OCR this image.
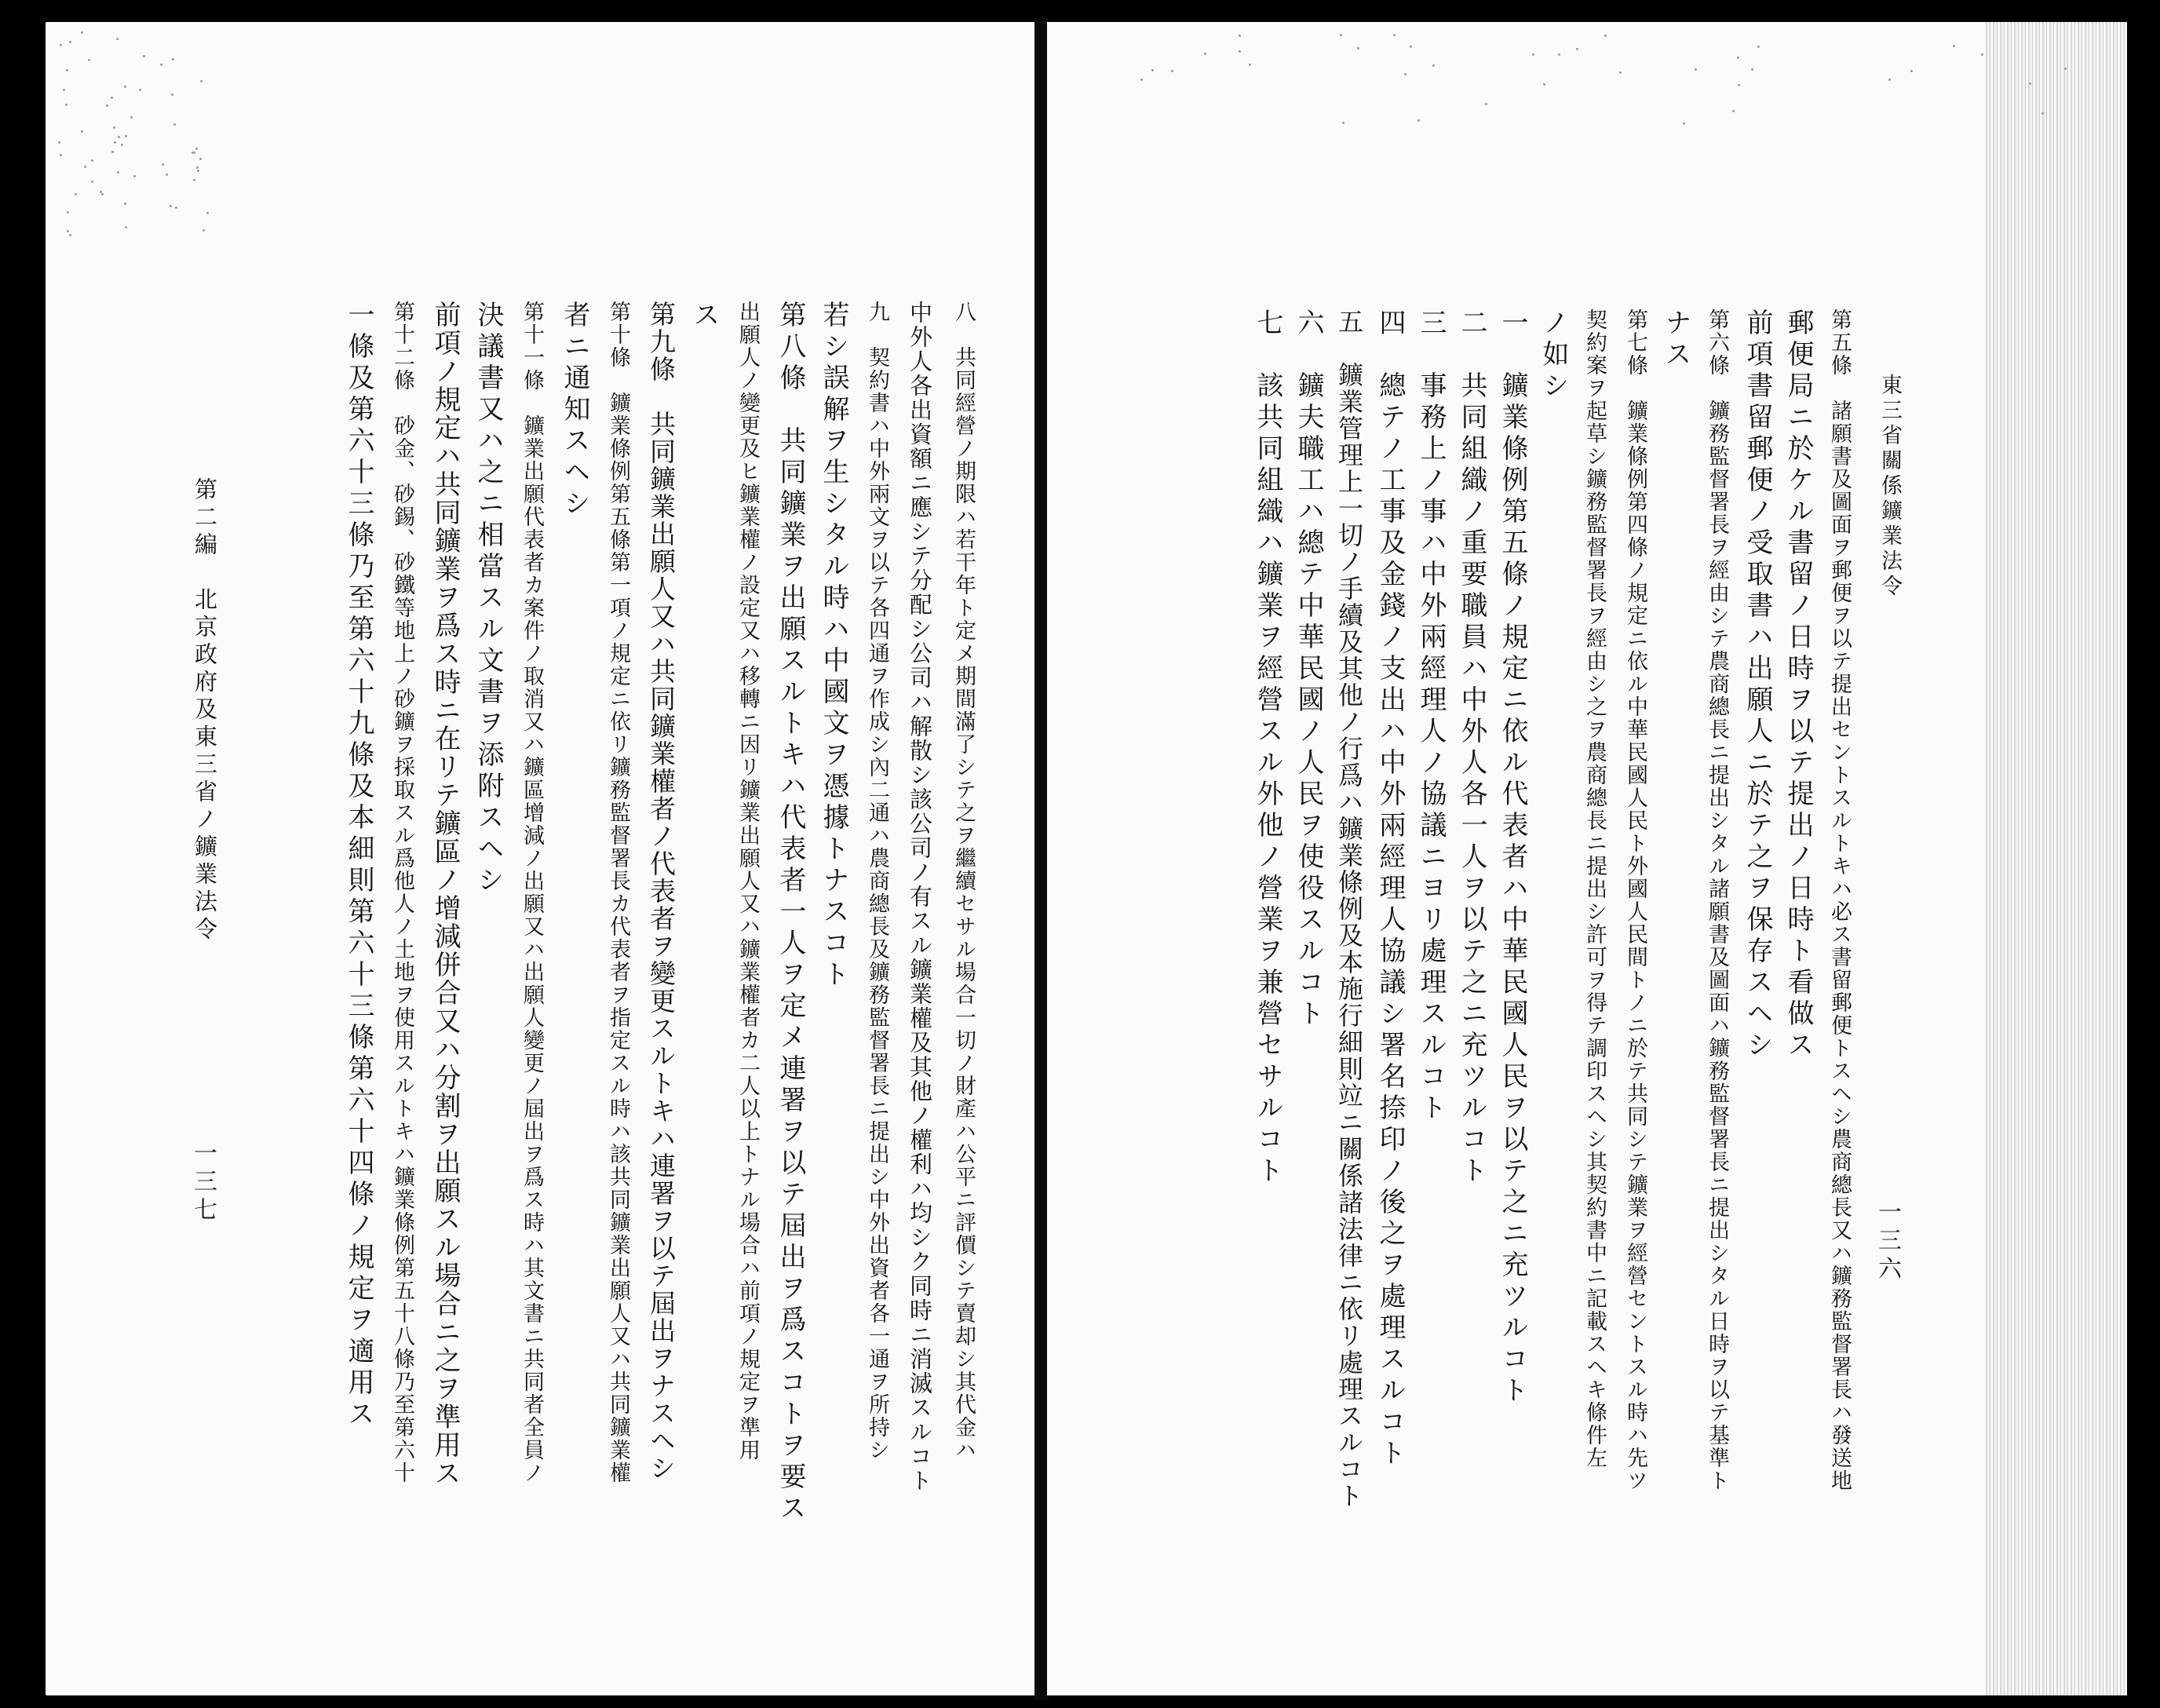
八　共同經營ノ期限ハ若干年ト定メ期間滿了シテ之ヲ繼續セサル場合一切ノ財產ハ公平ニ評價シテ賣却シ其代金ハ

中外人各出資額ニ應シテ分配シ公司ハ解散シ該公司ノ有スル鑛業權及其他ノ權利ハ均シク同時ニ消滅スルコト

九　契約書ハ中外兩文ヲ以テ各四通ヲ作成シ內二通ハ農商總長及鑛務監督署長ニ提出シ中外出資者各一通ヲ所持シ

若シ誤解ヲ生シタル時ハ中國文ヲ憑據トナスコト

第八條　共同鑛業ヲ出願スルトキハ代表者一人ヲ定メ連署ヲ以テ屆出ヲ爲スコトヲ要ス

出願人ノ變更及ヒ鑛業權ノ設定又ハ移轉ニ因リ鑛業出願人又ハ鑛業權者カ二人以上トナル場合ハ前項ノ規定ヲ準用

ス

第九條　共同鑛業出願人又ハ共同鑛業權者ノ代表者ヲ變更スルトキハ連署ヲ以テ屆出ヲナスヘシ

第十條　鑛業條例第五條第一項ノ規定ニ依リ鑛務監督署長カ代表者ヲ指定スル時ハ該共同鑛業出願人又ハ共同鑛業權

者ニ通知スヘシ

第十一條　鑛業出願代表者カ案件ノ取消又ハ鑛區增減ノ出願又ハ出願人變更ノ屆出ヲ爲ス時ハ其文書ニ共同者全員ノ

決議書又ハ之ニ相當スル文書ヲ添附スヘシ

前項ノ規定ハ共同鑛業ヲ爲ス時ニ在リテ鑛區ノ增減併合又ハ分割ヲ出願スル場合ニ之ヲ準用ス

第十二條　砂金、砂錫、砂鐵等地上ノ砂鑛ヲ採取スル爲他人ノ土地ヲ使用スルトキハ鑛業條例第五十八條乃至第六十

一條及第六十三條乃至第六十九條及本細則第六十三條第六十四條ノ規定ヲ適用ス

一三七
第二編　北京政府及東三省ノ鑛業法令	東三省關係鑛業法令
一三六

第五條　諸願書及圖面ヲ郵便ヲ以テ提出セントスルトキハ必ス書留郵便トスヘシ農商總長又ハ鑛務監督署長ハ發送地

郵便局ニ於ケル書留ノ日時ヲ以テ提出ノ日時ト看做ス

前項書留郵便ノ受取書ハ出願人ニ於テ之ヲ保存スヘシ

第六條　鑛務監督署長ヲ經由シテ農商總長ニ提出シタル諸願書及圖面ハ鑛務監督署長ニ提出シタル日時ヲ以テ基準ト

ナス

第七條　鑛業條例第四條ノ規定ニ依ル中華民國人民ト外國人民間トノニ於テ共同シテ鑛業ヲ經營セントスル時ハ先ツ

契約案ヲ起草シ鑛務監督署長ヲ經由シ之ヲ農商總長ニ提出シ許可ヲ得テ調印スヘシ其契約書中ニ記載スヘキ條件左

ノ如シ

一　鑛業條例第五條ノ規定ニ依ル代表者ハ中華民國人民ヲ以テ之ニ充ツルコト

二　共同組織ノ重要職員ハ中外人各一人ヲ以テ之ニ充ツルコト

三　事務上ノ事ハ中外兩經理人ノ協議ニヨリ處理スルコト

四　總テノ工事及金錢ノ支出ハ中外兩經理人協議シ署名捺印ノ後之ヲ處理スルコト

五　鑛業管理上一切ノ手續及其他ノ行爲ハ鑛業條例及本施行細則竝ニ關係諸法律ニ依リ處理スルコト

六　鑛夫職工ハ總テ中華民國ノ人民ヲ使役スルコト

七　該共同組織ハ鑛業ヲ經營スル外他ノ營業ヲ兼營セサルコト
